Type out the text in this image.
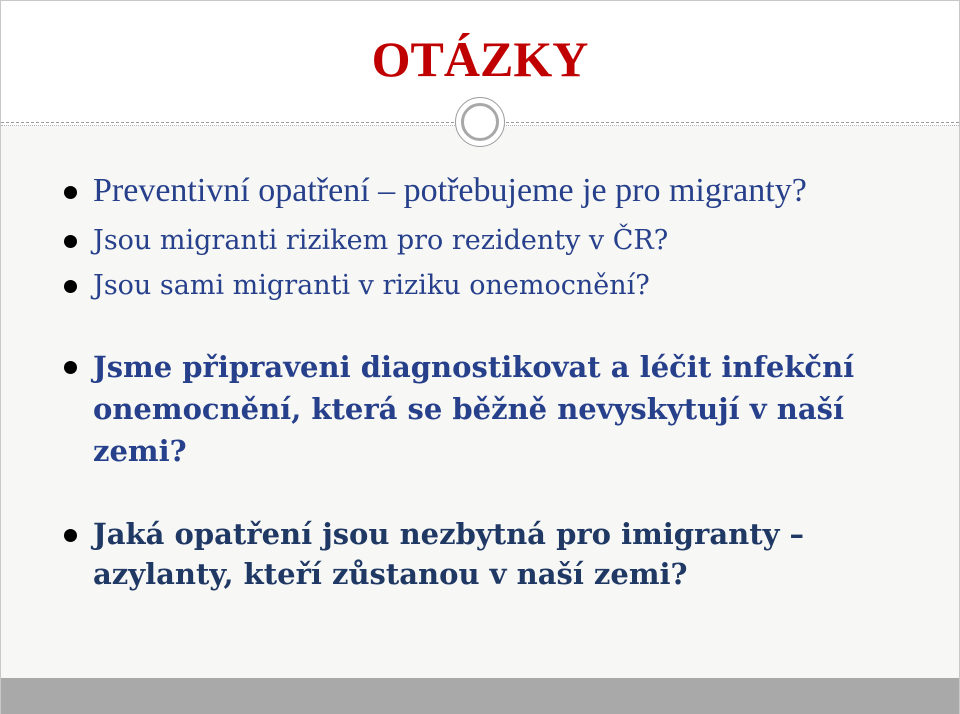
OTÁZKY
Preventivní opatření – potřebujeme je pro migranty?
Jsou migranti rizikem pro rezidenty v ČR?
Jsou sami migranti v riziku onemocnění?
Jsme připraveni diagnostikovat a léčit infekční onemocnění, která se běžně nevyskytují v naší zemi?
Jaká opatření jsou nezbytná pro imigranty – azylanty, kteří zůstanou v naší zemi?
